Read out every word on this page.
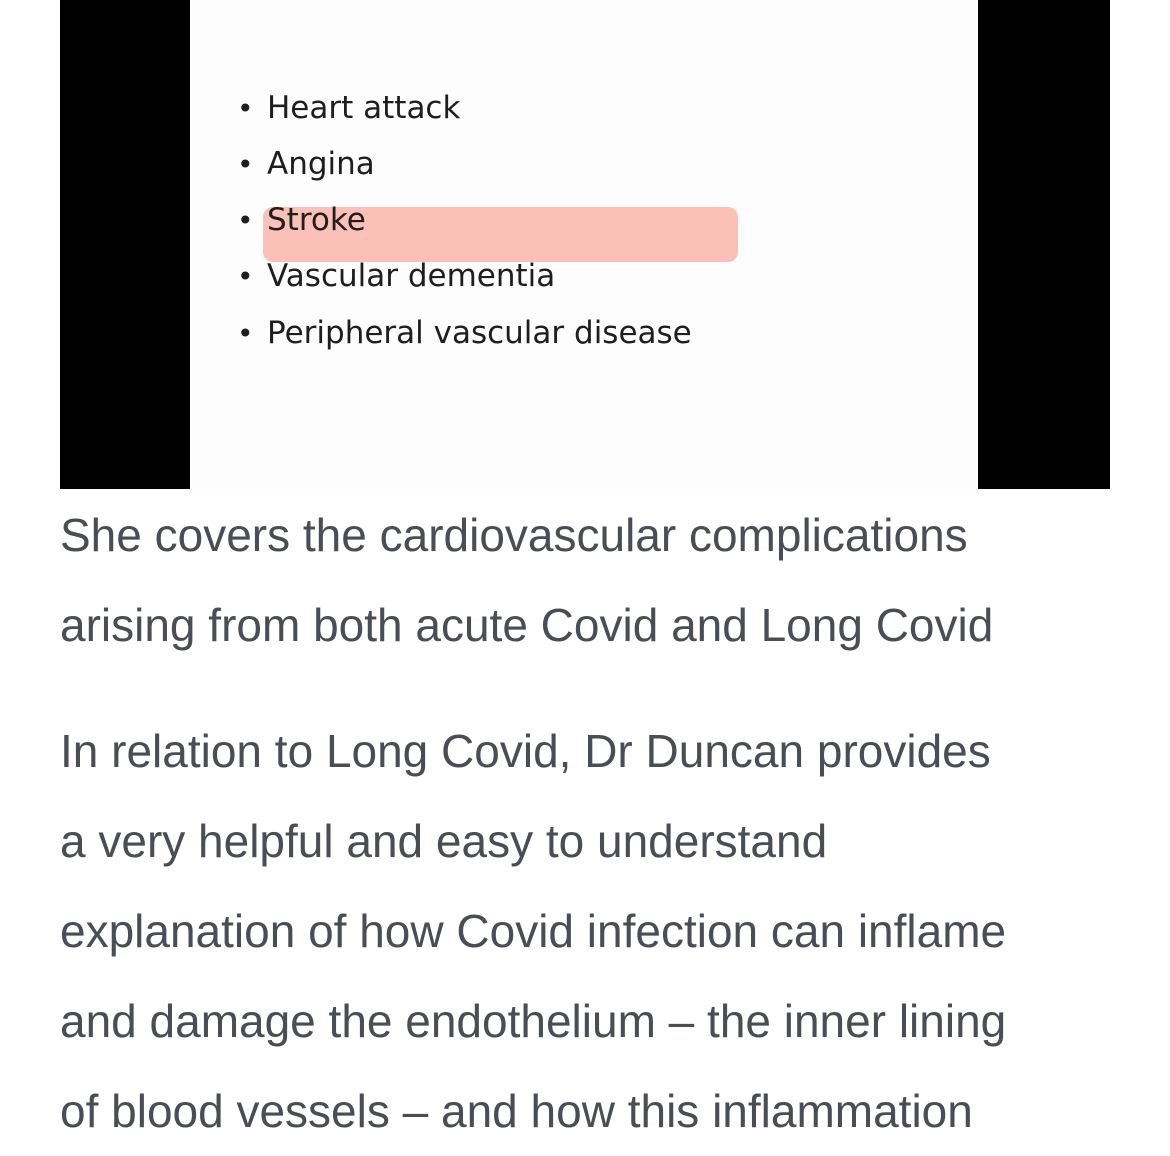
• Heart attack
• Angina
• Stroke
• Vascular dementia
• Peripheral vascular disease

She covers the cardiovascular complications
arising from both acute Covid and Long Covid

In relation to Long Covid, Dr Duncan provides
a very helpful and easy to understand
explanation of how Covid infection can inflame
and damage the endothelium – the inner lining
of blood vessels – and how this inflammation
